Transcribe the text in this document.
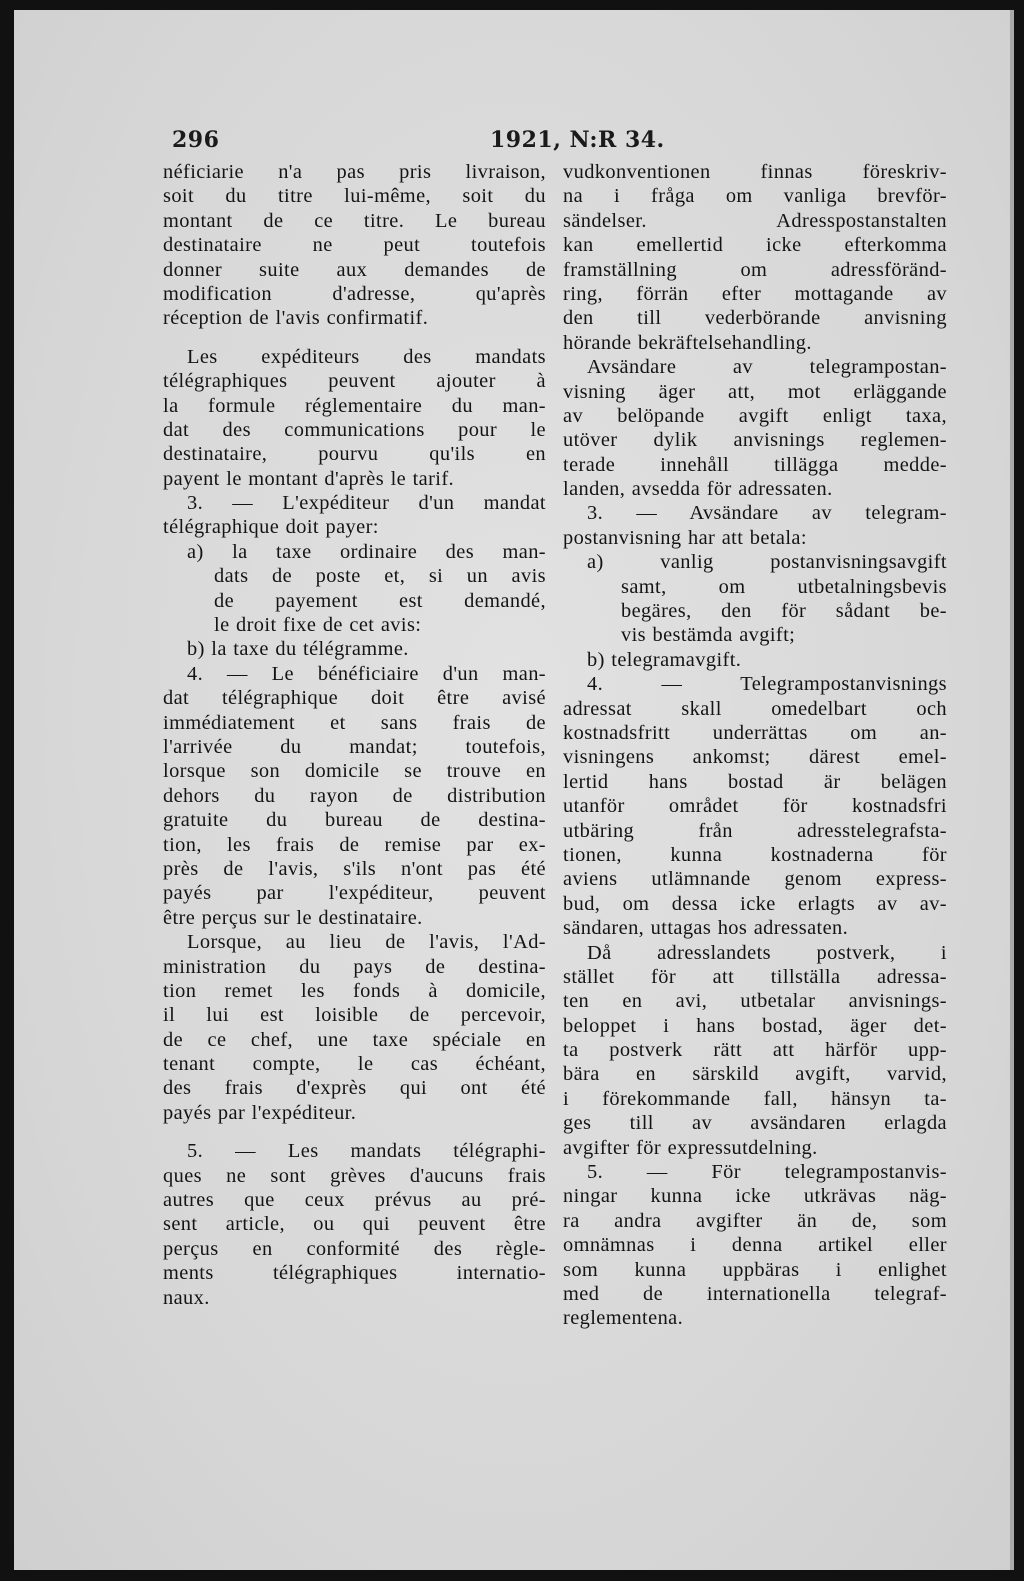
296	1921, N:R 34.
néficiarie n'a pas pris livraison,
soit du titre lui-même, soit du
montant de ce titre. Le bureau
destinataire ne peut toutefois
donner suite aux demandes de
modification d'adresse, qu'après
réception de l'avis confirmatif.
Les expéditeurs des mandats
télégraphiques peuvent ajouter à
la formule réglementaire du man-
dat des communications pour le
destinataire, pourvu qu'ils en
payent le montant d'après le tarif.
3. — L'expéditeur d'un mandat
télégraphique doit payer:
a) la taxe ordinaire des man-
dats de poste et, si un avis
de payement est demandé,
le droit fixe de cet avis:
b) la taxe du télégramme.
4. — Le bénéficiaire d'un man-
dat télégraphique doit être avisé
immédiatement et sans frais de
l'arrivée du mandat; toutefois,
lorsque son domicile se trouve en
dehors du rayon de distribution
gratuite du bureau de destina-
tion, les frais de remise par ex-
près de l'avis, s'ils n'ont pas été
payés par l'expéditeur, peuvent
être perçus sur le destinataire.
Lorsque, au lieu de l'avis, l'Ad-
ministration du pays de destina-
tion remet les fonds à domicile,
il lui est loisible de percevoir,
de ce chef, une taxe spéciale en
tenant compte, le cas échéant,
des frais d'exprès qui ont été
payés par l'expéditeur.
5. — Les mandats télégraphi-
ques ne sont grèves d'aucuns frais
autres que ceux prévus au pré-
sent article, ou qui peuvent être
perçus en conformité des règle-
ments télégraphiques internatio-
naux.
vudkonventionen finnas föreskriv-
na i fråga om vanliga brevför-
sändelser. Adresspostanstalten
kan emellertid icke efterkomma
framställning om adressföränd-
ring, förrän efter mottagande av
den till vederbörande anvisning
hörande bekräftelsehandling.
Avsändare av telegrampostan-
visning äger att, mot erläggande
av belöpande avgift enligt taxa,
utöver dylik anvisnings reglemen-
terade innehåll tillägga medde-
landen, avsedda för adressaten.
3. — Avsändare av telegram-
postanvisning har att betala:
a) vanlig postanvisningsavgift
samt, om utbetalningsbevis
begäres, den för sådant be-
vis bestämda avgift;
b) telegramavgift.
4. — Telegrampostanvisnings
adressat skall omedelbart och
kostnadsfritt underrättas om an-
visningens ankomst; därest emel-
lertid hans bostad är belägen
utanför området för kostnadsfri
utbäring från adresstelegrafsta-
tionen, kunna kostnaderna för
aviens utlämnande genom express-
bud, om dessa icke erlagts av av-
sändaren, uttagas hos adressaten.
Då adresslandets postverk, i
stället för att tillställa adressa-
ten en avi, utbetalar anvisnings-
beloppet i hans bostad, äger det-
ta postverk rätt att härför upp-
bära en särskild avgift, varvid,
i förekommande fall, hänsyn ta-
ges till av avsändaren erlagda
avgifter för expressutdelning.
5. — För telegrampostanvis-
ningar kunna icke utkrävas näg-
ra andra avgifter än de, som
omnämnas i denna artikel eller
som kunna uppbäras i enlighet
med de internationella telegraf-
reglementena.
